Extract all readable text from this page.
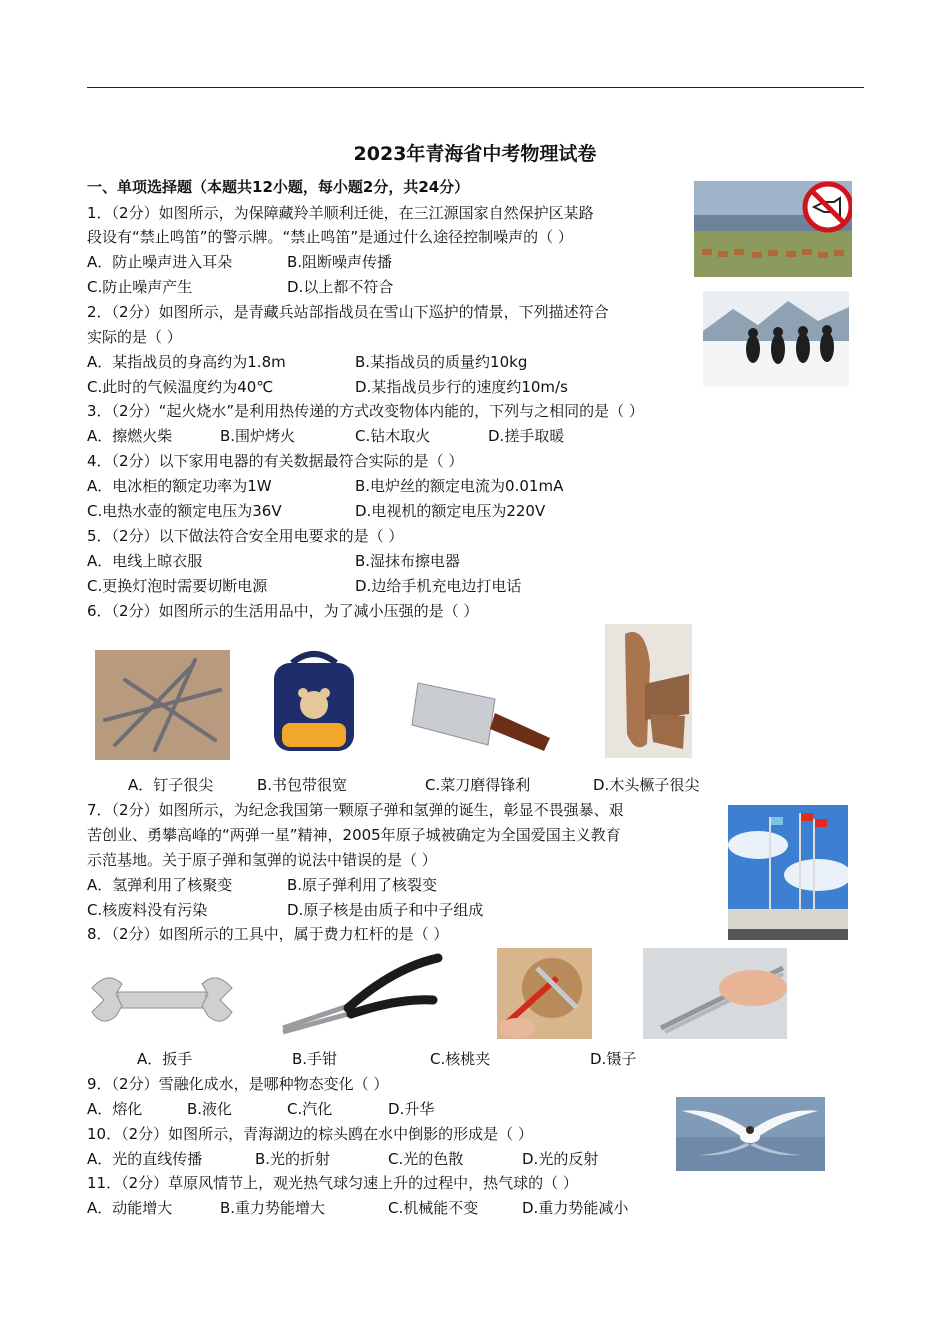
2023年青海省中考物理试卷
一、单项选择题（本题共12小题，每小题2分，共24分）
1．（2分）如图所示，为保障藏羚羊顺利迁徙，在三江源国家自然保护区某路
段设有“禁止鸣笛”的警示牌。“禁止鸣笛”是通过什么途径控制噪声的（ ）
A．防止噪声进入耳朵	B.阻断噪声传播
C.防止噪声产生	D.以上都不符合
2．（2分）如图所示，是青藏兵站部指战员在雪山下巡护的情景，下列描述符合
实际的是（ ）
A．某指战员的身高约为1.8m	B.某指战员的质量约10kg
C.此时的气候温度约为40℃	D.某指战员步行的速度约10m/s
3．（2分）“起火烧水”是利用热传递的方式改变物体内能的，下列与之相同的是（ ）
A．擦燃火柴	B.围炉烤火	C.钻木取火	D.搓手取暖
4．（2分）以下家用电器的有关数据最符合实际的是（ ）
A．电冰柜的额定功率为1W	B.电炉丝的额定电流为0.01mA
C.电热水壶的额定电压为36V	D.电视机的额定电压为220V
5．（2分）以下做法符合安全用电要求的是（ ）
A．电线上晾衣服	B.湿抹布擦电器
C.更换灯泡时需要切断电源	D.边给手机充电边打电话
6．（2分）如图所示的生活用品中，为了减小压强的是（ ）
A．钉子很尖	B.书包带很宽	C.菜刀磨得锋利	D.木头橛子很尖
7．（2分）如图所示，为纪念我国第一颗原子弹和氢弹的诞生，彰显不畏强暴、艰
苦创业、勇攀高峰的“两弹一星”精神，2005年原子城被确定为全国爱国主义教育
示范基地。关于原子弹和氢弹的说法中错误的是（ ）
A．氢弹利用了核聚变	B.原子弹利用了核裂变
C.核废料没有污染	D.原子核是由质子和中子组成
8．（2分）如图所示的工具中，属于费力杠杆的是（ ）
A．扳手	B.手钳	C.核桃夹	D.镊子
9．（2分）雪融化成水，是哪种物态变化（ ）
A．熔化	B.液化	C.汽化	D.升华
10．（2分）如图所示，青海湖边的棕头鸥在水中倒影的形成是（ ）
A．光的直线传播	B.光的折射	C.光的色散	D.光的反射
11．（2分）草原风情节上，观光热气球匀速上升的过程中，热气球的（ ）
A．动能增大	B.重力势能增大	C.机械能不变	D.重力势能减小
